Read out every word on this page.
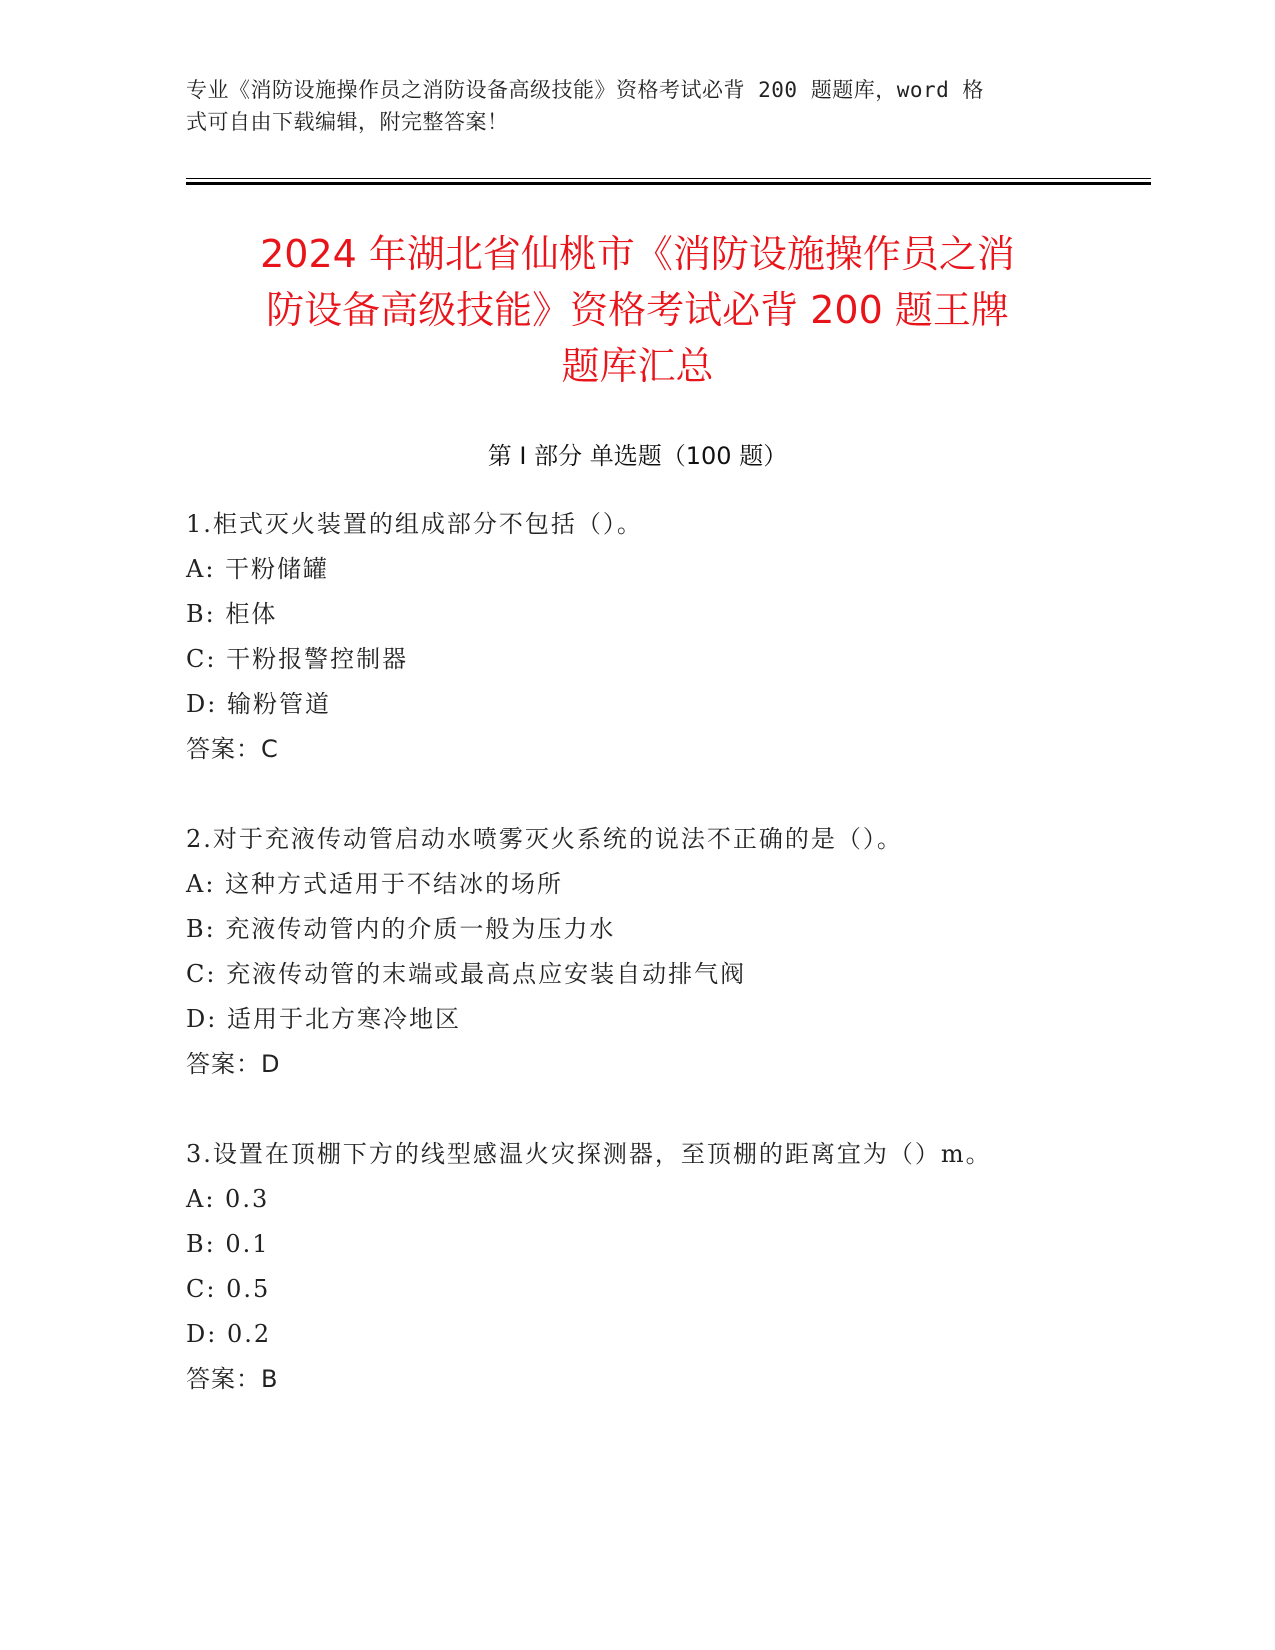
专业《消防设施操作员之消防设备高级技能》资格考试必背 200 题题库，word 格
式可自由下载编辑，附完整答案！
2024 年湖北省仙桃市《消防设施操作员之消
防设备高级技能》资格考试必背 200 题王牌
题库汇总
第 I 部分 单选题（100 题）
1.柜式灭火装置的组成部分不包括（）。
A: 干粉储罐
B: 柜体
C: 干粉报警控制器
D: 输粉管道
答案：C
2.对于充液传动管启动水喷雾灭火系统的说法不正确的是（）。
A: 这种方式适用于不结冰的场所
B: 充液传动管内的介质一般为压力水
C: 充液传动管的末端或最高点应安装自动排气阀
D: 适用于北方寒冷地区
答案：D
3.设置在顶棚下方的线型感温火灾探测器，至顶棚的距离宜为（）m。
A: 0.3
B: 0.1
C: 0.5
D: 0.2
答案：B
